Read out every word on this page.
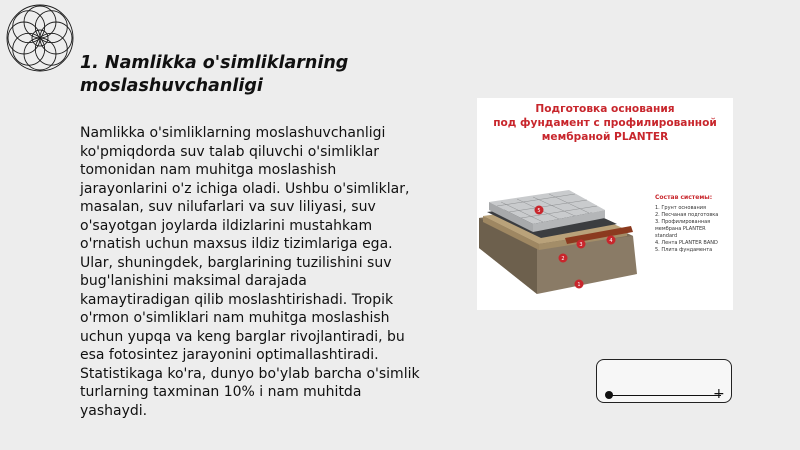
1. Namlikka o'simliklarning moslashuvchanligi

Namlikka o'simliklarning moslashuvchanligi ko'pmiqdorda suv talab qiluvchi o'simliklar tomonidan nam muhitga moslashish jarayonlarini o'z ichiga oladi. Ushbu o'simliklar, masalan, suv nilufarlari va suv liliyasi, suv o'sayotgan joylarda ildizlarini mustahkam o'rnatish uchun maxsus ildiz tizimlariga ega. Ular, shuningdek, barglarining tuzilishini suv bug'lanishini maksimal darajada kamaytiradigan qilib moslashtirishadi. Tropik o'rmon o'simliklari nam muhitga moslashish uchun yupqa va keng barglar rivojlantiradi, bu esa fotosintez jarayonini optimallashtiradi. Statistikaga ko'ra, dunyo bo'ylab barcha o'simlik turlarning taxminan 10% i nam muhitda yashaydi.

Подготовка основания
под фундамент с профилированной
мембраной PLANTER
5
3
4
2
1
Состав системы:
1. Грунт основания
2. Песчаная подготовка
3. Профилированная мембрана PLANTER standard
4. Лента PLANTER BAND
5. Плита фундамента
+
